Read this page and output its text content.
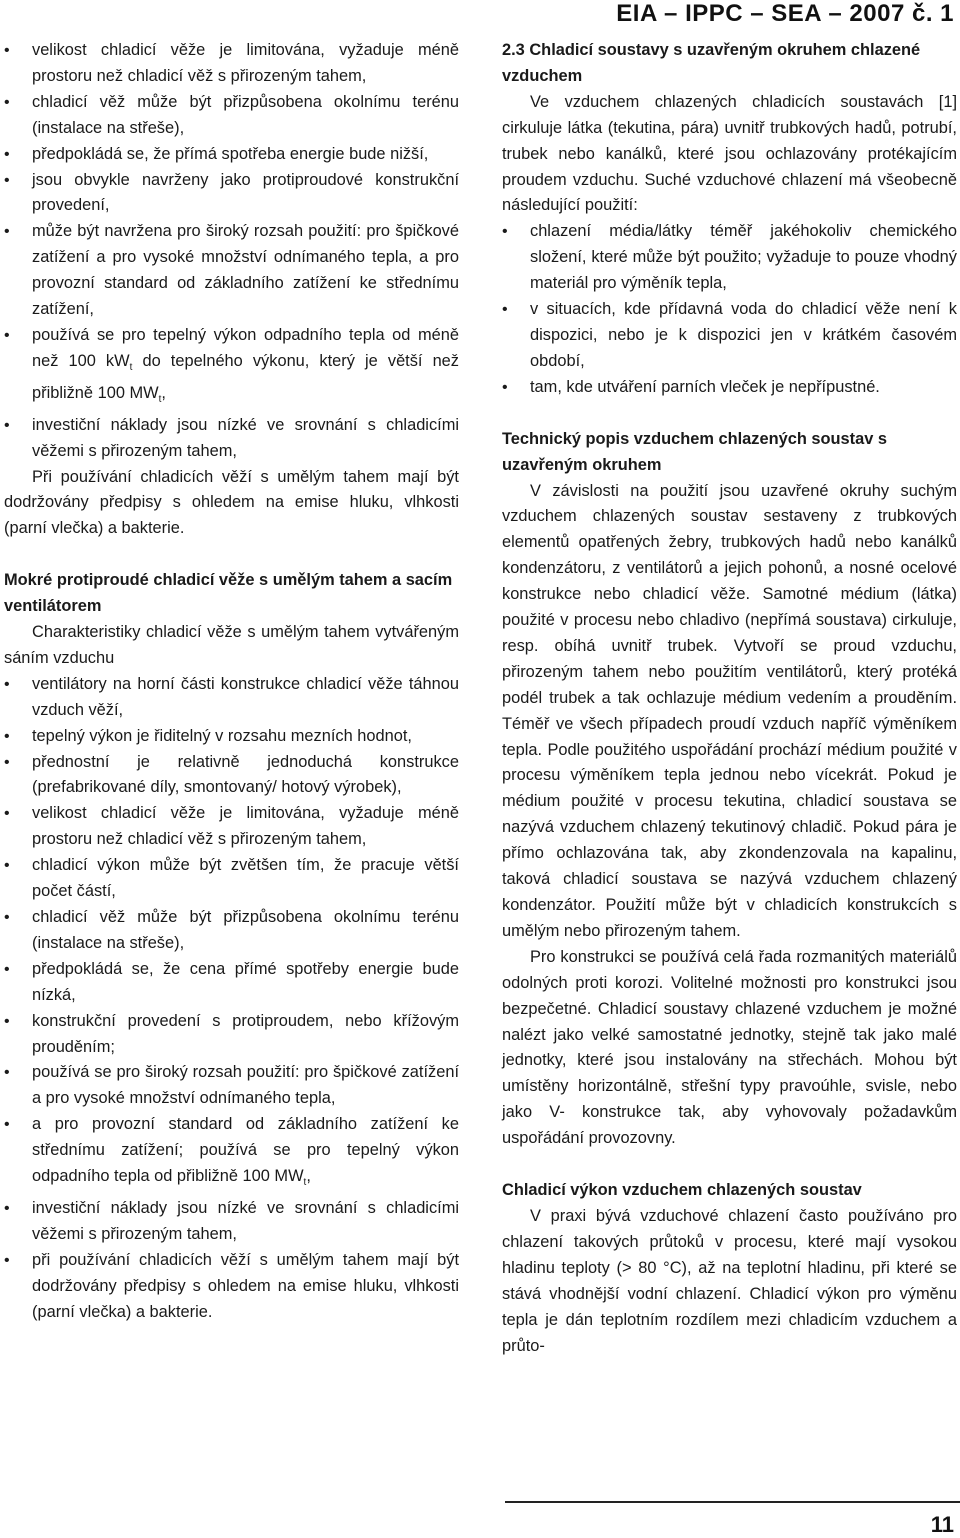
EIA – IPPC – SEA – 2007 č. 1
• velikost chladicí věže je limitována, vyžaduje méně prostoru než chladicí věž s přirozeným tahem,
• chladicí věž může být přizpůsobena okolnímu terénu (instalace na střeše),
• předpokládá se, že přímá spotřeba energie bude nižší,
• jsou obvykle navrženy jako protiproudové konstrukční provedení,
• může být navržena pro široký rozsah použití: pro špičkové zatížení a pro vysoké množství odnímaného tepla, a pro provozní standard od základního zatížení ke střednímu zatížení,
• používá se pro tepelný výkon odpadního tepla od méně než 100 $kW_t$ do tepelného výkonu, který je větší než přibližně 100 $MW_t$,
• investiční náklady jsou nízké ve srovnání s chladicími věžemi s přirozeným tahem,

Při používání chladicích věží s umělým tahem mají být dodržovány předpisy s ohledem na emise hluku, vlhkosti (parní vlečka) a bakterie.

Mokré protiproudé chladicí věže s umělým tahem a sacím ventilátorem

Charakteristiky chladicí věže s umělým tahem vytvářeným sáním vzduchu

• ventilátory na horní části konstrukce chladicí věže táhnou vzduch věží,
• tepelný výkon je řiditelný v rozsahu mezních hodnot,
• přednostní je relativně jednoduchá konstrukce (prefabrikované díly, smontovaný/ hotový výrobek),
• velikost chladicí věže je limitována, vyžaduje méně prostoru než chladicí věž s přirozeným tahem,
• chladicí výkon může být zvětšen tím, že pracuje větší počet částí,
• chladicí věž může být přizpůsobena okolnímu terénu (instalace na střeše),
• předpokládá se, že cena přímé spotřeby energie bude nízká,
• konstrukční provedení s protiproudem, nebo křížovým prouděním;
• používá se pro široký rozsah použití: pro špičkové zatížení a pro vysoké množství odnímaného tepla,
• a pro provozní standard od základního zatížení ke střednímu zatížení; používá se pro tepelný výkon odpadního tepla od přibližně 100 $MW_t$,
• investiční náklady jsou nízké ve srovnání s chladicími věžemi s přirozeným tahem,
• při používání chladicích věží s umělým tahem mají být dodržovány předpisy s ohledem na emise hluku, vlhkosti (parní vlečka) a bakterie.
2.3 Chladicí soustavy s uzavřeným okruhem chlazené vzduchem

Ve vzduchem chlazených chladicích soustavách [1] cirkuluje látka (tekutina, pára) uvnitř trubkových hadů, potrubí, trubek nebo kanálků, které jsou ochlazovány protékajícím proudem vzduchu. Suché vzduchové chlazení má všeobecně následující použití:

• chlazení média/látky téměř jakéhokoliv chemického složení, které může být použito; vyžaduje to pouze vhodný materiál pro výměník tepla,
• v situacích, kde přídavná voda do chladicí věže není k dispozici, nebo je k dispozici jen v krátkém časovém období,
• tam, kde utváření parních vleček je nepřípustné.
Technický popis vzduchem chlazených soustav s uzavřeným okruhem

V závislosti na použití jsou uzavřené okruhy suchým vzduchem chlazených soustav sestaveny z trubkových elementů opatřených žebry, trubkových hadů nebo kanálků kondenzátoru, z ventilátorů a jejich pohonů, a nosné ocelové konstrukce nebo chladicí věže. Samotné médium (látka) použité v procesu nebo chladivo (nepřímá soustava) cirkuluje, resp. obíhá uvnitř trubek. Vytvoří se proud vzduchu, přirozeným tahem nebo použitím ventilátorů, který protéká podél trubek a tak ochlazuje médium vedením a prouděním. Téměř ve všech případech proudí vzduch napříč výměníkem tepla. Podle použitého uspořádání prochází médium použité v procesu výměníkem tepla jednou nebo vícekrát. Pokud je médium použité v procesu tekutina, chladicí soustava se nazývá vzduchem chlazený tekutinový chladič. Pokud pára je přímo ochlazována tak, aby zkondenzovala na kapalinu, taková chladicí soustava se nazývá vzduchem chlazený kondenzátor. Použití může být v chladicích konstrukcích s umělým nebo přirozeným tahem.

Pro konstrukci se používá celá řada rozmanitých materiálů odolných proti korozi. Volitelné možnosti pro konstrukci jsou bezpečetné. Chladicí soustavy chlazené vzduchem je možné nalézt jako velké samostatné jednotky, stejně tak jako malé jednotky, které jsou instalovány na střechách. Mohou být umístěny horizontálně, střešní typy pravoúhle, svisle, nebo jako V- konstrukce tak, aby vyhovovaly požadavkům uspořádání provozovny.

Chladicí výkon vzduchem chlazených soustav

V praxi bývá vzduchové chlazení často používáno pro chlazení takových průtoků v procesu, které mají vysokou hladinu teploty (> 80 °C), až na teplotní hladinu, při které se stává vhodnější vodní chlazení. Chladicí výkon pro výměnu tepla je dán teplotním rozdílem mezi chladicím vzduchem a průto-

11
